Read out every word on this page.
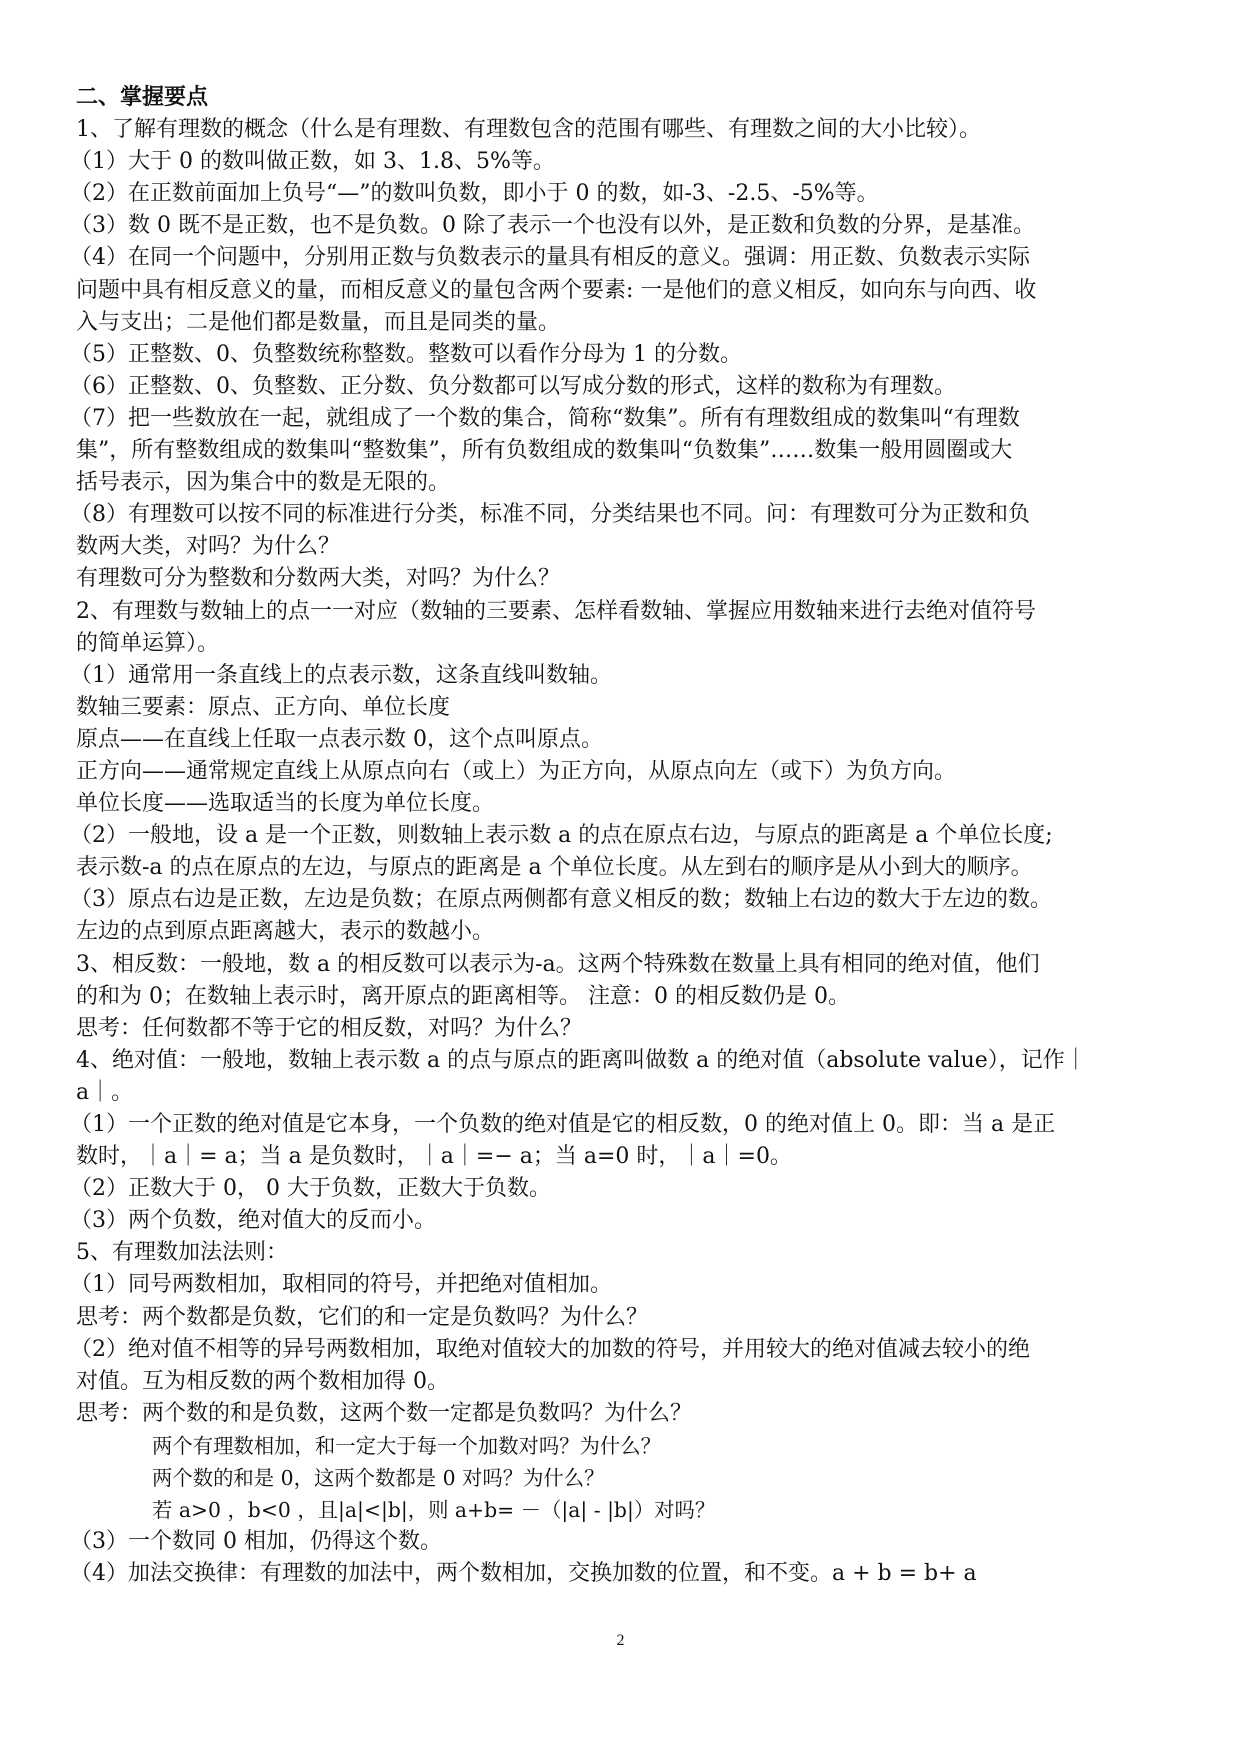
二、掌握要点
1、了解有理数的概念（什么是有理数、有理数包含的范围有哪些、有理数之间的大小比较）。
（1）大于 0 的数叫做正数，如 3、1.8、5%等。
（2）在正数前面加上负号“—”的数叫负数，即小于 0 的数，如-3、-2.5、-5%等。
（3）数 0 既不是正数，也不是负数。0 除了表示一个也没有以外，是正数和负数的分界，是基准。
（4）在同一个问题中，分别用正数与负数表示的量具有相反的意义。强调：用正数、负数表示实际
问题中具有相反意义的量，而相反意义的量包含两个要素: 一是他们的意义相反，如向东与向西、收
入与支出；二是他们都是数量，而且是同类的量。
（5）正整数、0、负整数统称整数。整数可以看作分母为 1 的分数。
（6）正整数、0、负整数、正分数、负分数都可以写成分数的形式，这样的数称为有理数。
（7）把一些数放在一起，就组成了一个数的集合，简称“数集”。所有有理数组成的数集叫“有理数
集”，所有整数组成的数集叫“整数集”，所有负数组成的数集叫“负数集”……数集一般用圆圈或大
括号表示，因为集合中的数是无限的。
（8）有理数可以按不同的标准进行分类，标准不同，分类结果也不同。问：有理数可分为正数和负
数两大类，对吗？为什么？
有理数可分为整数和分数两大类，对吗？为什么？
2、有理数与数轴上的点一一对应（数轴的三要素、怎样看数轴、掌握应用数轴来进行去绝对值符号
的简单运算）。
（1）通常用一条直线上的点表示数，这条直线叫数轴。
数轴三要素：原点、正方向、单位长度
原点——在直线上任取一点表示数 0，这个点叫原点。
正方向——通常规定直线上从原点向右（或上）为正方向，从原点向左（或下）为负方向。
单位长度——选取适当的长度为单位长度。
（2）一般地，设 a 是一个正数，则数轴上表示数 a 的点在原点右边，与原点的距离是 a 个单位长度;
表示数-a 的点在原点的左边，与原点的距离是 a 个单位长度。从左到右的顺序是从小到大的顺序。
（3）原点右边是正数，左边是负数；在原点两侧都有意义相反的数；数轴上右边的数大于左边的数。
左边的点到原点距离越大，表示的数越小。
3、相反数：一般地，数 a 的相反数可以表示为-a。这两个特殊数在数量上具有相同的绝对值，他们
的和为 0；在数轴上表示时，离开原点的距离相等。 注意：0 的相反数仍是 0。
思考：任何数都不等于它的相反数，对吗？为什么？
4、绝对值：一般地，数轴上表示数 a 的点与原点的距离叫做数 a 的绝对值（absolute value），记作｜
a｜。
（1）一个正数的绝对值是它本身，一个负数的绝对值是它的相反数，0 的绝对值上 0。即：当 a 是正
数时，｜a｜= a；当 a 是负数时，｜a｜=− a；当 a=0 时，｜a｜=0。
（2）正数大于 0， 0 大于负数，正数大于负数。
（3）两个负数，绝对值大的反而小。
5、有理数加法法则：
（1）同号两数相加，取相同的符号，并把绝对值相加。
思考：两个数都是负数，它们的和一定是负数吗？为什么？
（2）绝对值不相等的异号两数相加，取绝对值较大的加数的符号，并用较大的绝对值减去较小的绝
对值。互为相反数的两个数相加得 0。
思考：两个数的和是负数，这两个数一定都是负数吗？为什么？
两个有理数相加，和一定大于每一个加数对吗？为什么？
两个数的和是 0，这两个数都是 0 对吗？为什么？
若 a>0 ，b<0 ，且|a|<|b|，则 a+b= －（|a| - |b|）对吗？
（3）一个数同 0 相加，仍得这个数。
（4）加法交换律：有理数的加法中，两个数相加，交换加数的位置，和不变。a + b = b+ a
2
